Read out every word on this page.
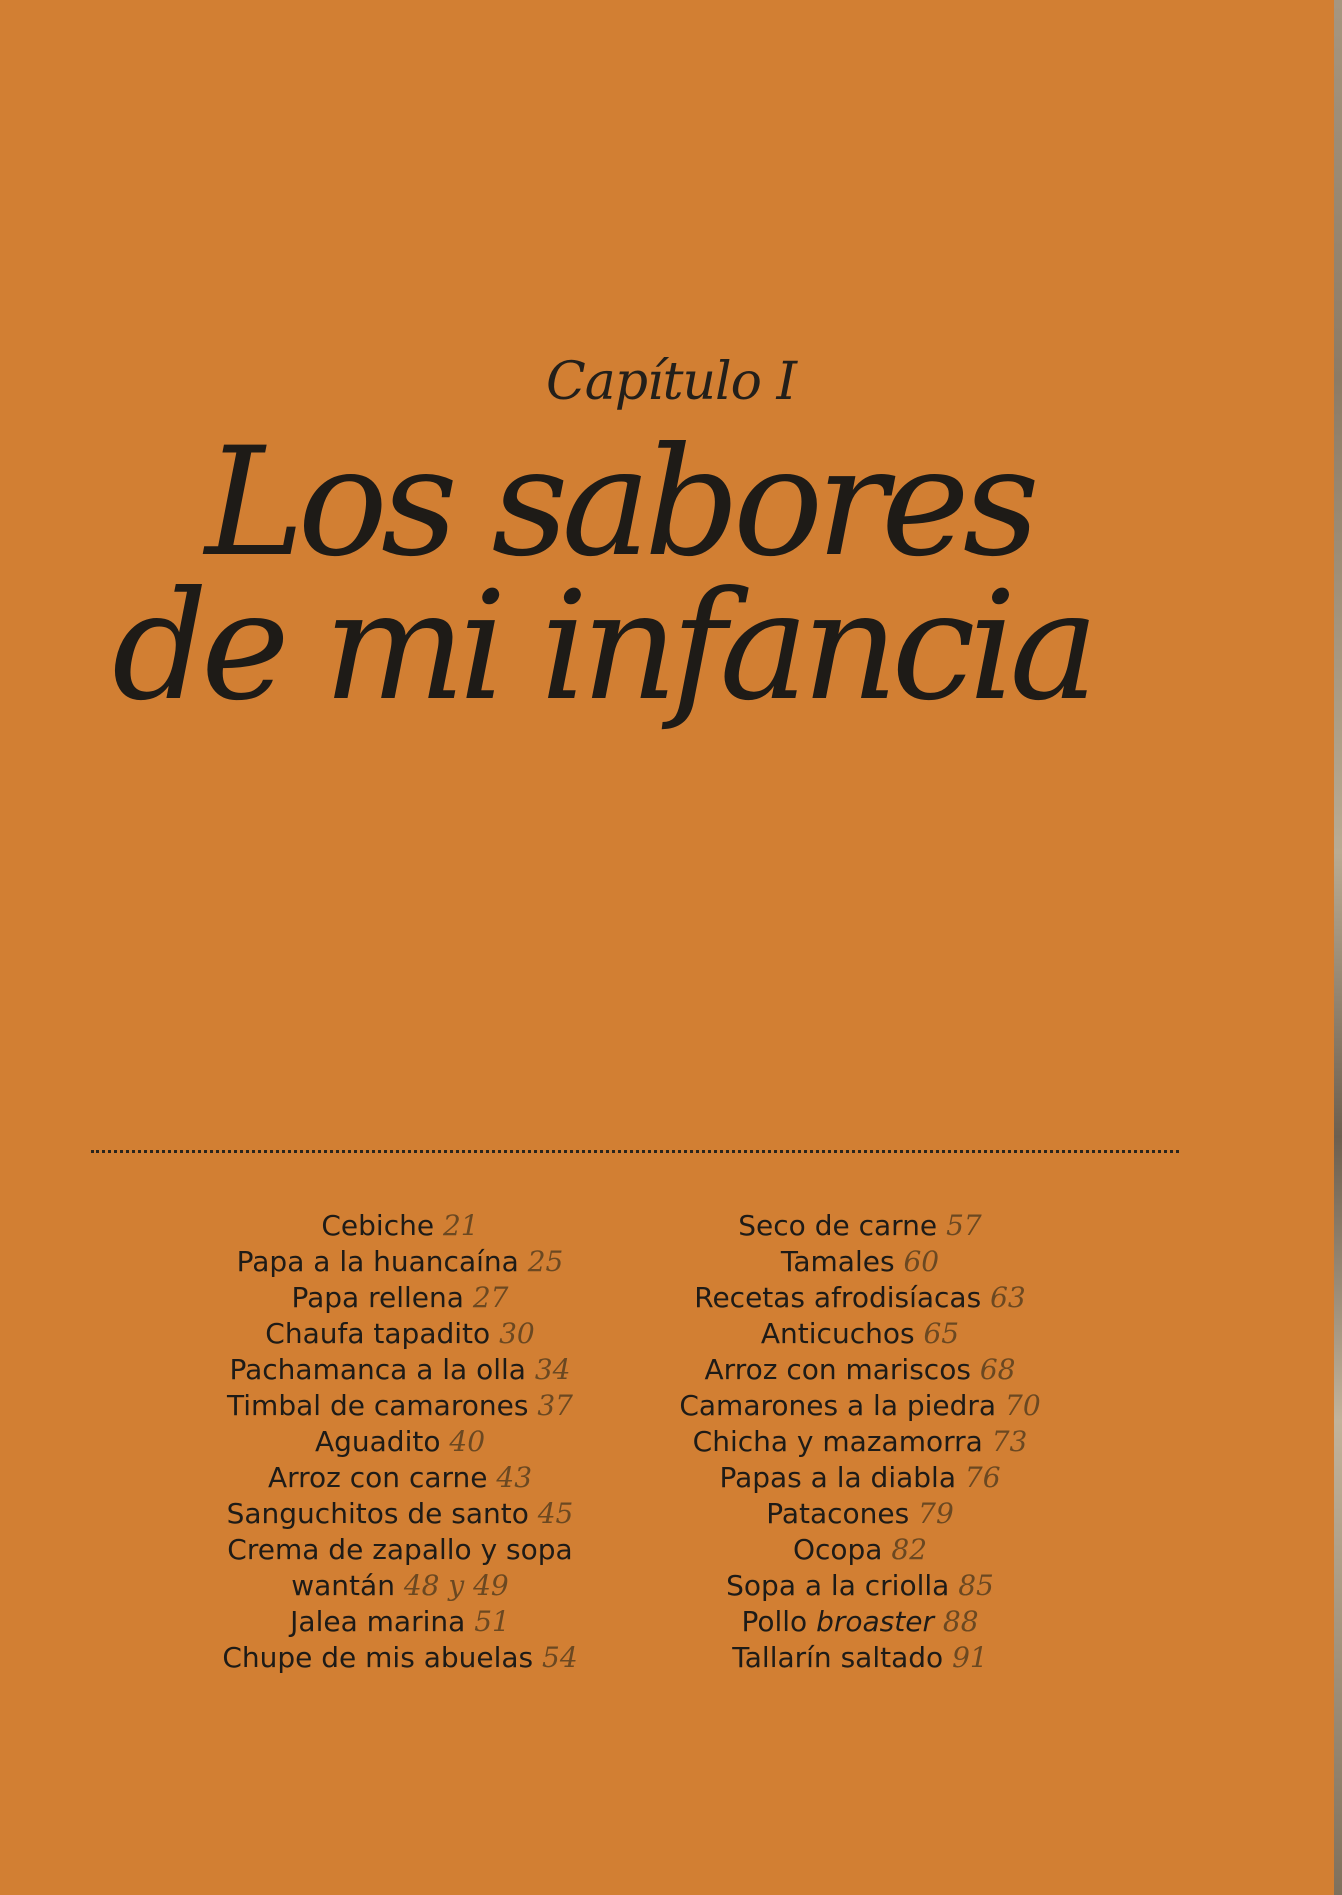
Capítulo I
Los sabores
de mi infancia
Cebiche 21
Papa a la huancaína 25
Papa rellena 27
Chaufa tapadito 30
Pachamanca a la olla 34
Timbal de camarones 37
Aguadito 40
Arroz con carne 43
Sanguchitos de santo 45
Crema de zapallo y sopa wantán 48 y 49
Jalea marina 51
Chupe de mis abuelas 54
Seco de carne 57
Tamales 60
Recetas afrodisíacas 63
Anticuchos 65
Arroz con mariscos 68
Camarones a la piedra 70
Chicha y mazamorra 73
Papas a la diabla 76
Patacones 79
Ocopa 82
Sopa a la criolla 85
Pollo broaster 88
Tallarín saltado 91
